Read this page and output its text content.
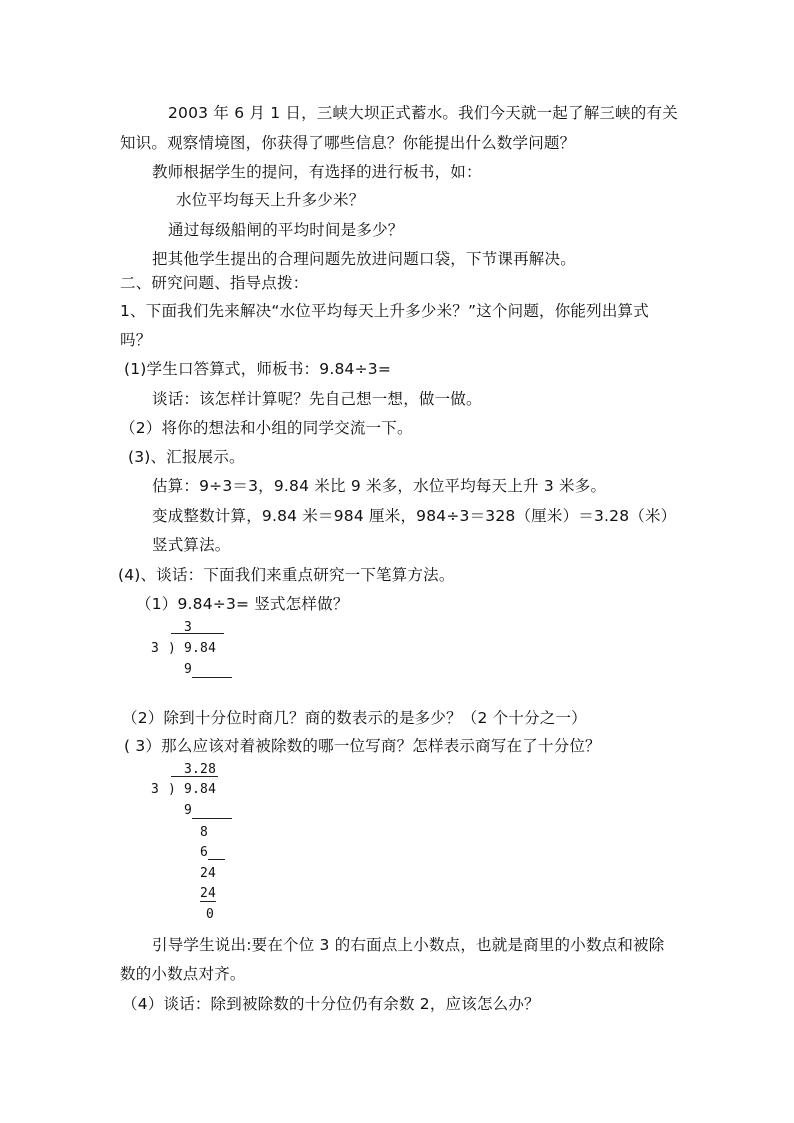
2003 年 6 月 1 日，三峡大坝正式蓄水。我们今天就一起了解三峡的有关
知识。观察情境图，你获得了哪些信息？你能提出什么数学问题？
教师根据学生的提问，有选择的进行板书，如：
水位平均每天上升多少米？
通过每级船闸的平均时间是多少？
把其他学生提出的合理问题先放进问题口袋，下节课再解决。
二、研究问题、指导点拨：
1、下面我们先来解决“水位平均每天上升多少米？”这个问题，你能列出算式
吗？
(1)学生口答算式，师板书：9.84÷3=
谈话：该怎样计算呢？先自己想一想，做一做。
（2）将你的想法和小组的同学交流一下。
(3)、汇报展示。
估算：9÷3＝3，9.84 米比 9 米多，水位平均每天上升 3 米多。
变成整数计算，9.84 米＝984 厘米，984÷3＝328（厘米）＝3.28（米）
竖式算法。
(4)、谈话：下面我们来重点研究一下笔算方法。
（1）9.84÷3= 竖式怎样做？
3
3 ) 9.84
9
（2）除到十分位时商几？商的数表示的是多少？（2 个十分之一）
( 3）那么应该对着被除数的哪一位写商？怎样表示商写在了十分位？
3.28
3 ) 9.84
9
8
6
24
24
0
引导学生说出:要在个位 3 的右面点上小数点，也就是商里的小数点和被除
数的小数点对齐。
（4）谈话：除到被除数的十分位仍有余数 2，应该怎么办？
